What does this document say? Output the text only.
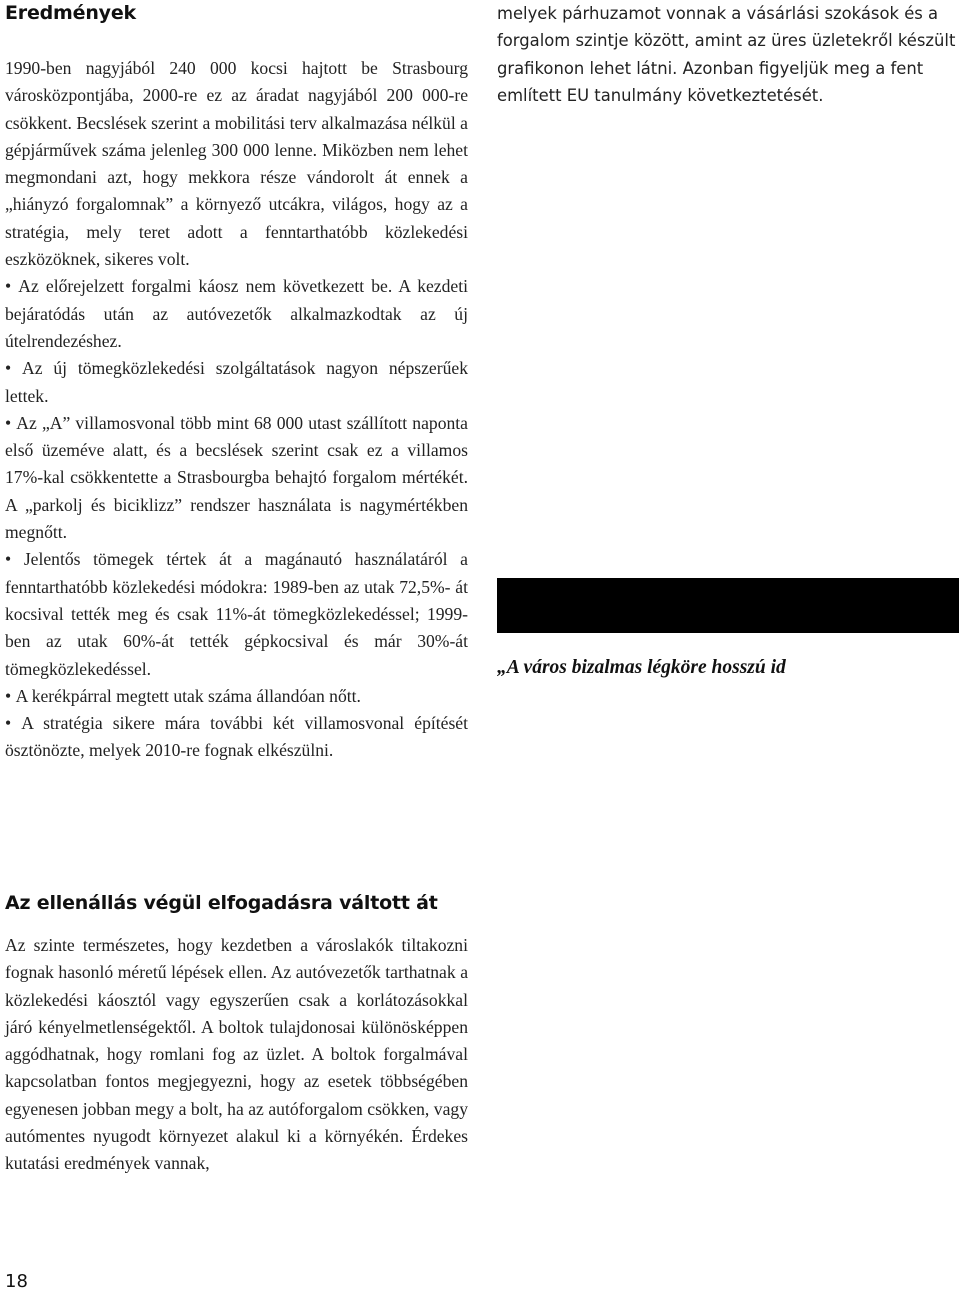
Eredmények

1990-ben nagyjából 240 000 kocsi hajtott be Strasbourg városközpontjába, 2000-re ez az áradat nagyjából 200 000-re csökkent. Becslések szerint a mobilitási terv alkalmazása nélkül a gépjárművek száma jelenleg 300 000 lenne. Miközben nem lehet megmondani azt, hogy mekkora része vándorolt át ennek a „hiányzó forgalomnak” a környező utcákra, világos, hogy az a stratégia, mely teret adott a fenntarthatóbb közlekedési eszközöknek, sikeres volt.

• Az előrejelzett forgalmi káosz nem következett be. A kezdeti bejáratódás után az autóvezetők alkalmazkodtak az új útelrendezéshez.

• Az új tömegközlekedési szolgáltatások nagyon népszerűek lettek.

• Az „A” villamosvonal több mint 68 000 utast szállított naponta első üzeméve alatt, és a becslések szerint csak ez a villamos 17%-kal csökkentette a Strasbourgba behajtó forgalom mértékét. A „parkolj és biciklizz” rendszer használata is nagymértékben megnőtt.

• Jelentős tömegek tértek át a magánautó használatáról a fenntarthatóbb közlekedési módokra: 1989-ben az utak 72,5%- át kocsival tették meg és csak 11%-át tömegközlekedéssel; 1999-ben az utak 60%-át tették gépkocsival és már 30%-át tömegközlekedéssel.

• A kerékpárral megtett utak száma állandóan nőtt.

• A stratégia sikere mára további két villamosvonal építését ösztönözte, melyek 2010-re fognak elkészülni.

Az ellenállás végül elfogadásra váltott át

Az szinte természetes, hogy kezdetben a városlakók tiltakozni fognak hasonló méretű lépések ellen. Az autóvezetők tarthatnak a közlekedési káosztól vagy egyszerűen csak a korlátozásokkal járó kényelmetlenségektől. A boltok tulajdonosai különösképpen aggódhatnak, hogy romlani fog az üzlet. A boltok forgalmával kapcsolatban fontos megjegyezni, hogy az esetek többségében egyenesen jobban megy a bolt, ha az autóforgalom csökken, vagy autómentes nyugodt környezet alakul ki a környékén. Érdekes kutatási eredmények vannak,

melyek párhuzamot vonnak a vásárlási szokások és a forgalom szintje között, amint az üres üzletekről készült grafikonon lehet látni. Azonban figyeljük meg a fent említett EU tanulmány következtetését.

„A város bizalmas légköre hosszú id
18
